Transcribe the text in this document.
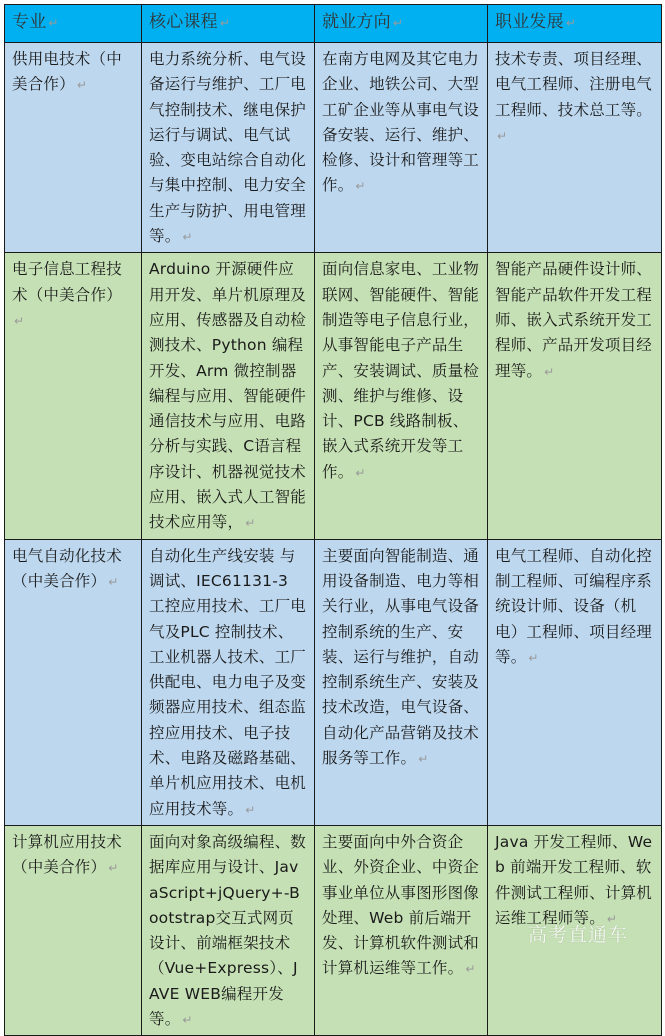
专业 ↵	核心课程 ↵	就业方向 ↵	职业发展 ↵
供用电技术（中美合作） ↵	电力系统分析、电气设备运行与维护、工厂电气控制技术、继电保护运行与调试、电气试验、变电站综合自动化与集中控制、电力安全生产与防护、用电管理等。 ↵	在南方电网及其它电力企业、地铁公司、大型工矿企业等从事电气设备安装、运行、维护、检修、设计和管理等工作。 ↵	技术专责、项目经理、电气工程师、注册电气工程师、技术总工等。↵
电子信息工程技术（中美合作）↵	Arduino 开源硬件应用开发、单片机原理及应用、传感器及自动检测技术、Python 编程开发、Arm 微控制器编程与应用、智能硬件通信技术与应用、电路分析与实践、C语言程序设计、机器视觉技术应用、嵌入式人工智能技术应用等， ↵	面向信息家电、工业物联网、智能硬件、智能制造等电子信息行业，从事智能电子产品生产、安装调试、质量检测、维护与维修、设计、PCB 线路制板、嵌入式系统开发等工作。 ↵	智能产品硬件设计师、智能产品软件开发工程师、嵌入式系统开发工程师、产品开发项目经理等。 ↵
电气自动化技术（中美合作） ↵	自动化生产线安装 与调试、IEC61131-3 工控应用技术、工厂电气及PLC 控制技术、工业机器人技术、工厂供配电、电力电子及变频器应用技术、组态监控应用技术、电子技术、电路及磁路基础、单片机应用技术、电机应用技术等。 ↵	主要面向智能制造、通用设备制造、电力等相关行业，从事电气设备控制系统的生产、安装、运行与维护，自动控制系统生产、安装及技术改造，电气设备、自动化产品营销及技术服务等工作。 ↵	电气工程师、自动化控制工程师、可编程序系统设计师、设备（机电）工程师、项目经理等。 ↵
计算机应用技术（中美合作） ↵	面向对象高级编程、数据库应用与设计、JavaScript+jQuery+-Bootstrap交互式网页设计、前端框架技术（Vue+Express）、JAVE WEB编程开发等。 ↵	主要面向中外合资企业、外资企业、中资企事业单位从事图形图像处理、Web 前后端开发、计算机软件测试和计算机运维等工作。 ↵	Java 开发工程师、Web 前端开发工程师、软件测试工程师、计算机运维工程师等。 ↵
高考直通车
